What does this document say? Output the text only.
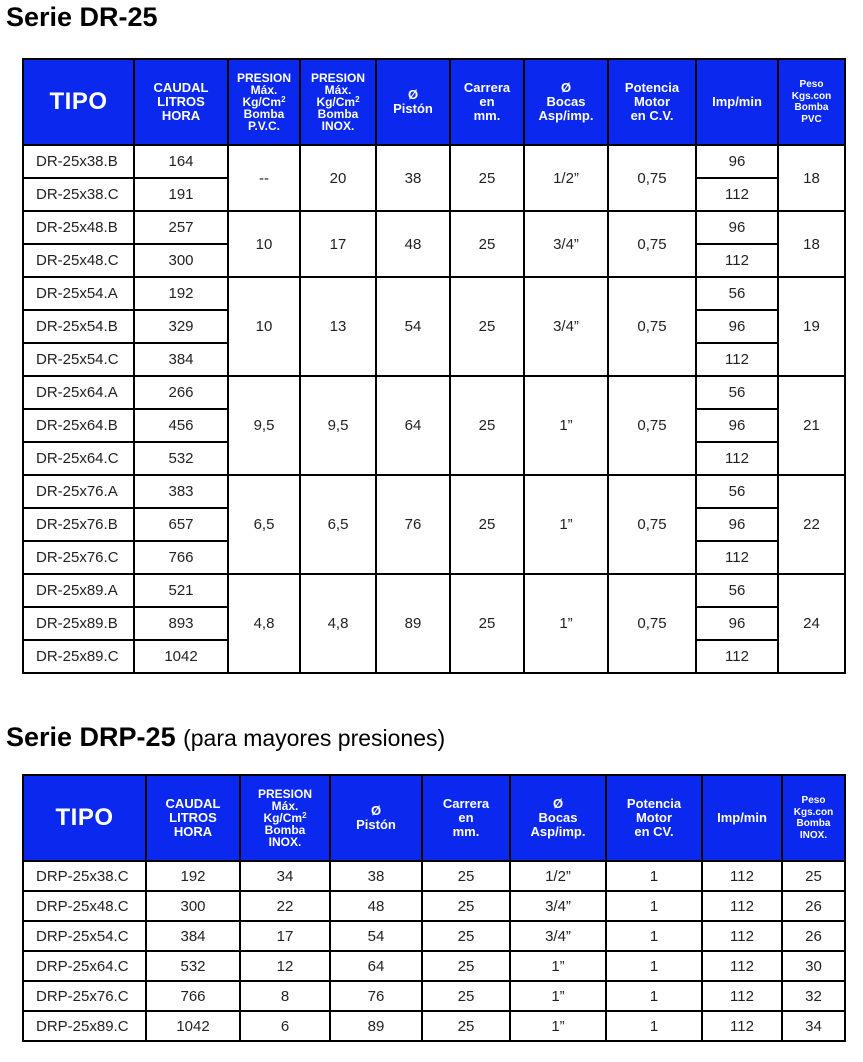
Serie DR-25
TIPO	CAUDAL
LITROS
HORA	PRESION
Máx.
Kg/Cm$^2$
Bomba
P.V.C.	PRESION
Máx.
Kg/Cm$^2$
Bomba
INOX.	Ø
Pistón	Carrera
en
mm.	Ø
Bocas
Asp/imp.	Potencia
Motor
en C.V.	Imp/min	Peso
Kgs.con
Bomba
PVC
DR-25x38.B	164	--	20	38	25	1/2”	0,75	96	18
DR-25x38.C	191							112	
DR-25x48.B	257	10	17	48	25	3/4”	0,75	96	18
DR-25x48.C	300							112	
DR-25x54.A	192	10	13	54	25	3/4”	0,75	56	19
DR-25x54.B	329							96	
DR-25x54.C	384							112	
DR-25x64.A	266	9,5	9,5	64	25	1”	0,75	56	21
DR-25x64.B	456							96	
DR-25x64.C	532							112	
DR-25x76.A	383	6,5	6,5	76	25	1”	0,75	56	22
DR-25x76.B	657							96	
DR-25x76.C	766							112	
DR-25x89.A	521	4,8	4,8	89	25	1”	0,75	56	24
DR-25x89.B	893							96	
DR-25x89.C	1042							112	
Serie DRP-25 (para mayores presiones)
TIPO	CAUDAL
LITROS
HORA	PRESION
Máx.
Kg/Cm$^2$
Bomba
INOX.	Ø
Pistón	Carrera
en
mm.	Ø
Bocas
Asp/imp.	Potencia
Motor
en CV.	Imp/min	Peso
Kgs.con
Bomba
INOX.
DRP-25x38.C	192	34	38	25	1/2”	1	112	25
DRP-25x48.C	300	22	48	25	3/4”	1	112	26
DRP-25x54.C	384	17	54	25	3/4”	1	112	26
DRP-25x64.C	532	12	64	25	1”	1	112	30
DRP-25x76.C	766	8	76	25	1”	1	112	32
DRP-25x89.C	1042	6	89	25	1”	1	112	34
